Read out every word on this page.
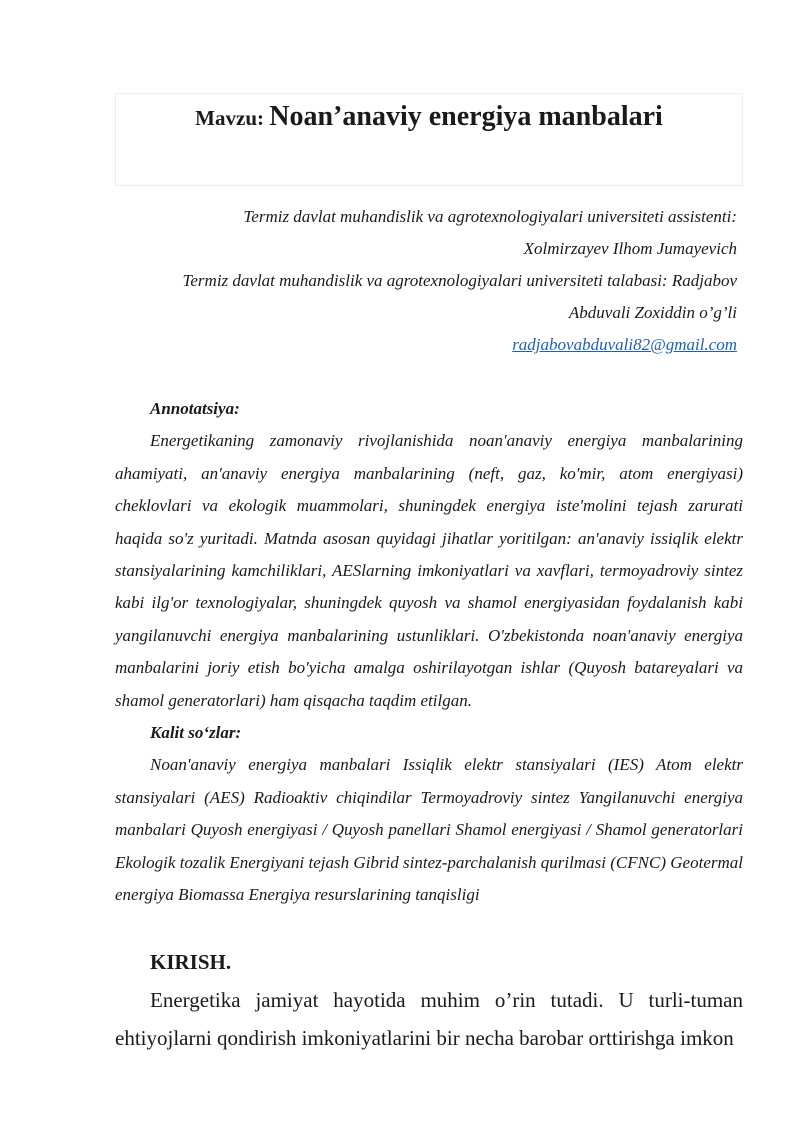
Mavzu: Noan’anaviy energiya manbalari
Termiz davlat muhandislik va agrotexnologiyalari universiteti assistenti:
Xolmirzayev Ilhom Jumayevich
Termiz davlat muhandislik va agrotexnologiyalari universiteti talabasi: Radjabov
Abduvali Zoxiddin o’g’li
radjabovabduvali82@gmail.com

Annotatsiya:

Energetikaning zamonaviy rivojlanishida noan'anaviy energiya manbalarining ahamiyati, an'anaviy energiya manbalarining (neft, gaz, ko'mir, atom energiyasi) cheklovlari va ekologik muammolari, shuningdek energiya iste'molini tejash zarurati haqida so'z yuritadi. Matnda asosan quyidagi jihatlar yoritilgan: an'anaviy issiqlik elektr stansiyalarining kamchiliklari, AESlarning imkoniyatlari va xavflari, termoyadroviy sintez kabi ilg'or texnologiyalar, shuningdek quyosh va shamol energiyasidan foydalanish kabi yangilanuvchi energiya manbalarining ustunliklari. O'zbekistonda noan'anaviy energiya manbalarini joriy etish bo'yicha amalga oshirilayotgan ishlar (Quyosh batareyalari va shamol generatorlari) ham qisqacha taqdim etilgan.

Kalit so‘zlar:

Noan'anaviy energiya manbalari Issiqlik elektr stansiyalari (IES) Atom elektr stansiyalari (AES) Radioaktiv chiqindilar Termoyadroviy sintez Yangilanuvchi energiya manbalari Quyosh energiyasi / Quyosh panellari Shamol energiyasi / Shamol generatorlari Ekologik tozalik Energiyani tejash Gibrid sintez-parchalanish qurilmasi (CFNC) Geotermal energiya Biomassa Energiya resurslarining tanqisligi

KIRISH.

Energetika jamiyat hayotida muhim o’rin tutadi. U turli-tuman ehtiyojlarni qondirish imkoniyatlarini bir necha barobar orttirishga imkon
